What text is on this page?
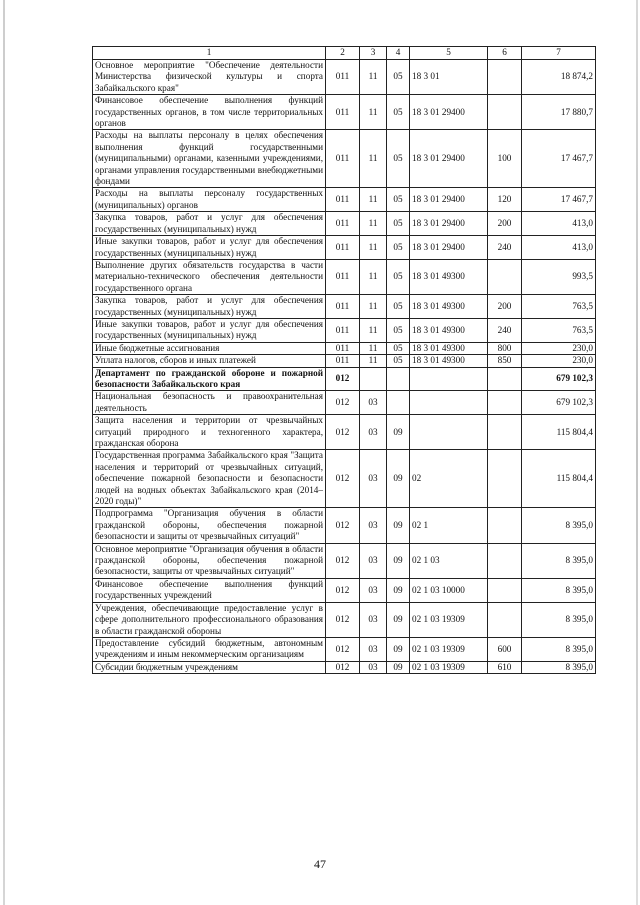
1	2	3	4	5	6	7
Основное мероприятие "Обеспечение деятельности Министерства физической культуры и спорта Забайкальского края"	011	11	05	18 3 01		18 874,2
Финансовое обеспечение выполнения функций государственных органов, в том числе территориальных органов	011	11	05	18 3 01 29400		17 880,7
Расходы на выплаты персоналу в целях обеспечения выполнения функций государственными (муниципальными) органами, казенными учреждениями, органами управления государственными внебюджетными фондами	011	11	05	18 3 01 29400	100	17 467,7
Расходы на выплаты персоналу государственных (муниципальных) органов	011	11	05	18 3 01 29400	120	17 467,7
Закупка товаров, работ и услуг для обеспечения государственных (муниципальных) нужд	011	11	05	18 3 01 29400	200	413,0
Иные закупки товаров, работ и услуг для обеспечения государственных (муниципальных) нужд	011	11	05	18 3 01 29400	240	413,0
Выполнение других обязательств государства в части материально-технического обеспечения деятельности государственного органа	011	11	05	18 3 01 49300		993,5
Закупка товаров, работ и услуг для обеспечения государственных (муниципальных) нужд	011	11	05	18 3 01 49300	200	763,5
Иные закупки товаров, работ и услуг для обеспечения государственных (муниципальных) нужд	011	11	05	18 3 01 49300	240	763,5
Иные бюджетные ассигнования	011	11	05	18 3 01 49300	800	230,0
Уплата налогов, сборов и иных платежей	011	11	05	18 3 01 49300	850	230,0
Департамент по гражданской обороне и пожарной безопасности Забайкальского края	012					679 102,3
Национальная безопасность и правоохранительная деятельность	012	03				679 102,3
Защита населения и территории от чрезвычайных ситуаций природного и техногенного характера, гражданская оборона	012	03	09			115 804,4
Государственная программа Забайкальского края "Защита населения и территорий от чрезвычайных ситуаций, обеспечение пожарной безопасности и безопасности людей на водных объектах Забайкальского края (2014–2020 годы)"	012	03	09	02		115 804,4
Подпрограмма "Организация обучения в области гражданской обороны, обеспечения пожарной безопасности и защиты от чрезвычайных ситуаций"	012	03	09	02 1		8 395,0
Основное мероприятие "Организация обучения в области гражданской обороны, обеспечения пожарной безопасности, защиты от чрезвычайных ситуаций"	012	03	09	02 1 03		8 395,0
Финансовое обеспечение выполнения функций государственных учреждений	012	03	09	02 1 03 10000		8 395,0
Учреждения, обеспечивающие предоставление услуг в сфере дополнительного профессионального образования в области гражданской обороны	012	03	09	02 1 03 19309		8 395,0
Предоставление субсидий бюджетным, автономным учреждениям и иным некоммерческим организациям	012	03	09	02 1 03 19309	600	8 395,0
Субсидии бюджетным учреждениям	012	03	09	02 1 03 19309	610	8 395,0
47
